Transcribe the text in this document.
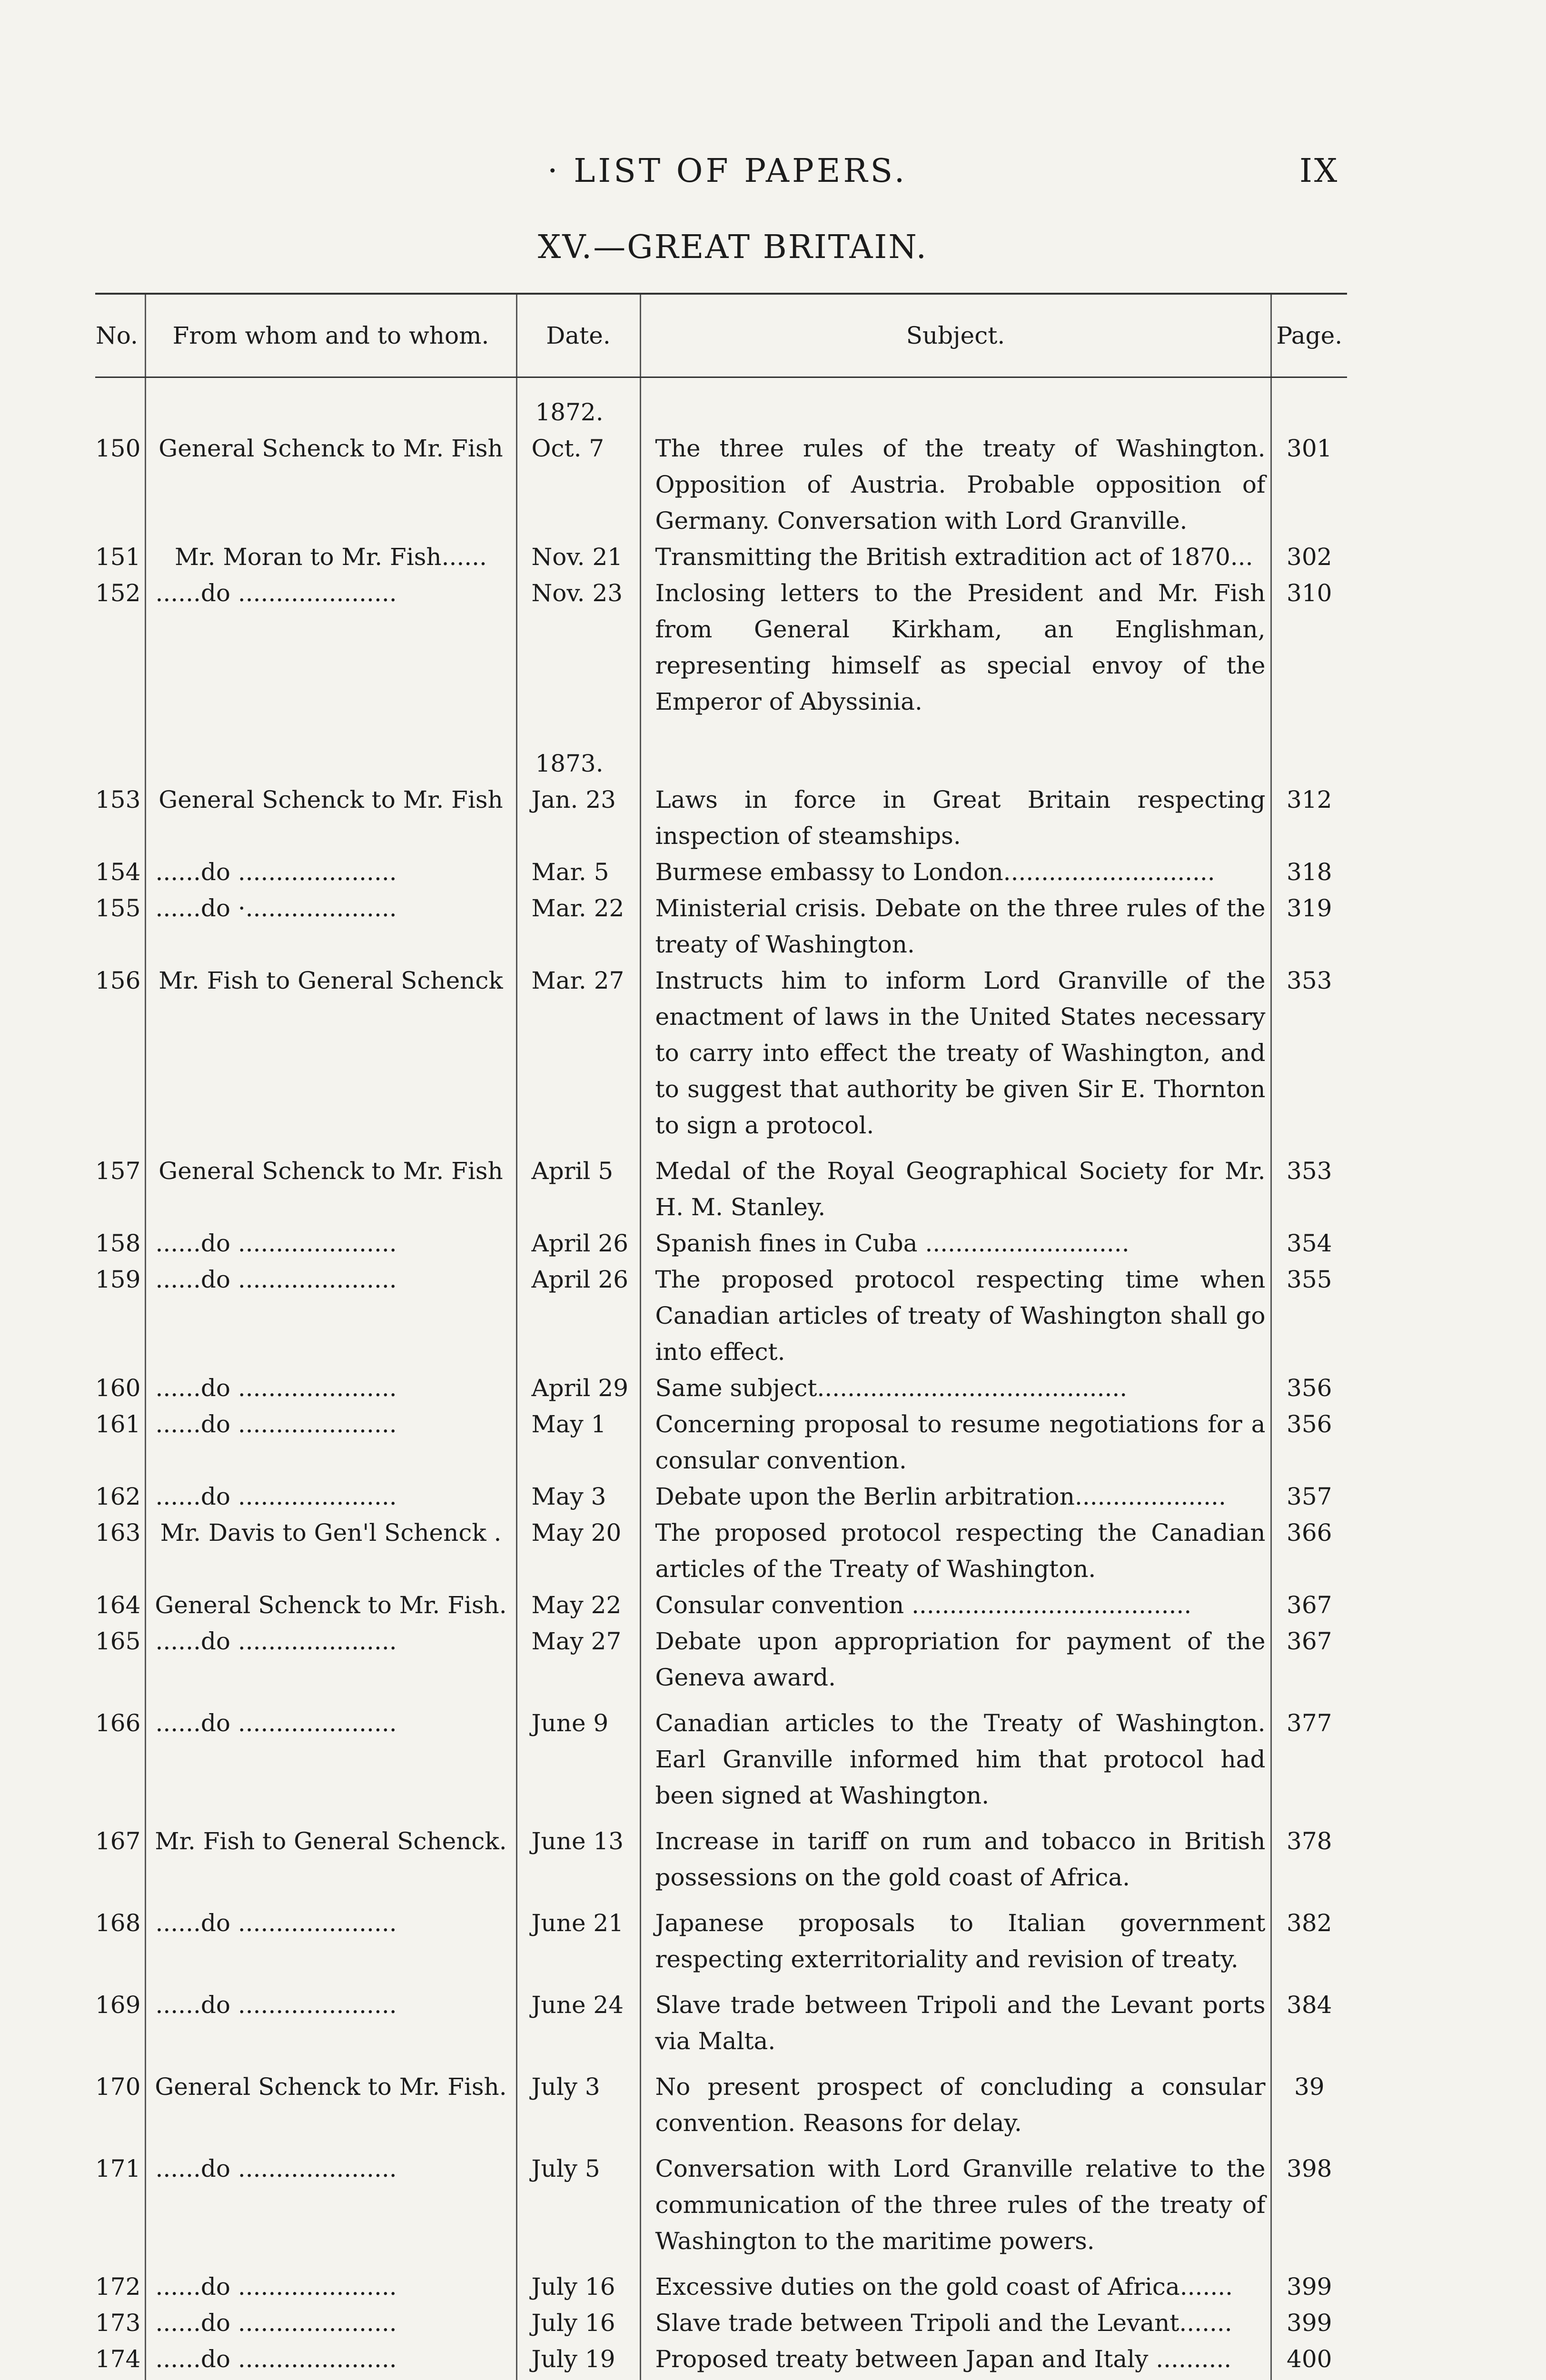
· LIST OF PAPERS.	IX
XV.—GREAT BRITAIN.
No.	From whom and to whom.	Date.	Subject.	Page.

		1872.		

150	General Schenck to Mr. Fish	Oct. 7	The three rules of the treaty of Washington. Opposition of Austria. Probable opposition of Germany. Conversation with Lord Granville.	301
151	Mr. Moran to Mr. Fish......	Nov. 21	Transmitting the British extradition act of 1870...	302
152	......do .....................	Nov. 23	Inclosing letters to the President and Mr. Fish from General Kirkham, an Englishman, representing himself as special envoy of the Emperor of Abyssinia.	310

		1873.		

153	General Schenck to Mr. Fish	Jan. 23	Laws in force in Great Britain respecting inspection of steamships.	312
154	......do .....................	Mar. 5	Burmese embassy to London............................	318
155	......do ·....................	Mar. 22	Ministerial crisis. Debate on the three rules of the treaty of Washington.	319
156	Mr. Fish to General Schenck	Mar. 27	Instructs him to inform Lord Granville of the enactment of laws in the United States necessary to carry into effect the treaty of Washington, and to suggest that authority be given Sir E. Thornton to sign a protocol.	353

157	General Schenck to Mr. Fish	April 5	Medal of the Royal Geographical Society for Mr. H. M. Stanley.	353
158	......do .....................	April 26	Spanish fines in Cuba ...........................	354
159	......do .....................	April 26	The proposed protocol respecting time when Canadian articles of treaty of Washington shall go into effect.	355
160	......do .....................	April 29	Same subject.........................................	356
161	......do .....................	May 1	Concerning proposal to resume negotiations for a consular convention.	356
162	......do .....................	May 3	Debate upon the Berlin arbitration....................	357
163	Mr. Davis to Gen'l Schenck .	May 20	The proposed protocol respecting the Canadian articles of the Treaty of Washington.	366
164	General Schenck to Mr. Fish.	May 22	Consular convention .....................................	367
165	......do .....................	May 27	Debate upon appropriation for payment of the Geneva award.	367

166	......do .....................	June 9	Canadian articles to the Treaty of Washington. Earl Granville informed him that protocol had been signed at Washington.	377

167	Mr. Fish to General Schenck.	June 13	Increase in tariff on rum and tobacco in British possessions on the gold coast of Africa.	378

168	......do .....................	June 21	Japanese proposals to Italian government respecting exterritoriality and revision of treaty.	382

169	......do .....................	June 24	Slave trade between Tripoli and the Levant ports via Malta.	384

170	General Schenck to Mr. Fish.	July 3	No present prospect of concluding a consular convention. Reasons for delay.	39

171	......do .....................	July 5	Conversation with Lord Granville relative to the communication of the three rules of the treaty of Washington to the maritime powers.	398

172	......do .....................	July 16	Excessive duties on the gold coast of Africa.......	399
173	......do .....................	July 16	Slave trade between Tripoli and the Levant.......	399
174	......do .....................	July 19	Proposed treaty between Japan and Italy ..........	400
